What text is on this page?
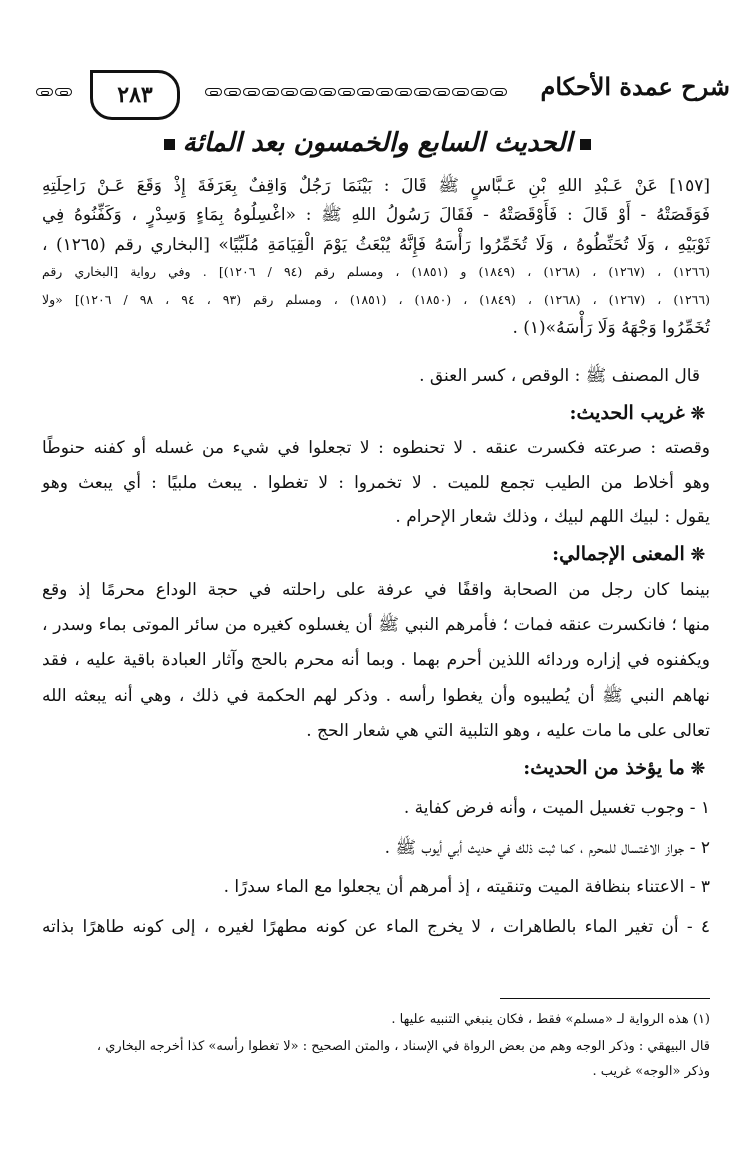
٢٨٣	شرح عمدة الأحكام
الحديث السابع والخمسون بعد المائة
[١٥٧] عَنْ عَـبْدِ اللهِ بْنِ عَـبَّاسٍ ﷺ قَالَ : بَيْنَمَا رَجُلٌ وَاقِفٌ بِعَرَفَةَ إِذْ وَقَعَ عَـنْ رَاحِلَتِهِ
فَوَقَصَتْهُ - أَوْ قَالَ : فَأَوْقَصَتْهُ - فَقَالَ رَسُولُ اللهِ ﷺ : «اغْسِلُوهُ بِمَاءٍ وَسِدْرٍ ، وَكَفِّنُوهُ فِي
ثَوْبَيْهِ ، وَلَا تُحَنِّطُوهُ ، وَلَا تُخَمِّرُوا رَأْسَهُ فَإِنَّهُ يُبْعَثُ يَوْمَ الْقِيَامَةِ مُلَبِّيًا» [البخاري رقم (١٢٦٥) ،
(١٢٦٦) ، (١٢٦٧) ، (١٢٦٨) ، (١٨٤٩) و (١٨٥١) ، ومسلم رقم (٩٤ / ١٢٠٦)] . وفي رواية [البخاري رقم
(١٢٦٦) ، (١٢٦٧) ، (١٢٦٨) ، (١٨٤٩) ، (١٨٥٠) ، (١٨٥١) ، ومسلم رقم (٩٣ ، ٩٤ ، ٩٨ / ١٢٠٦)] «ولا
تُخَمِّرُوا وَجْهَهُ وَلَا رَأْسَهُ»(١) .
قال المصنف ﷺ : الوقص ، كسر العنق .
❊غريب الحديث:
وقصته : صرعته فكسرت عنقه . لا تحنطوه : لا تجعلوا في شيء من غسله أو كفنه حنوطًا
وهو أخلاط من الطيب تجمع للميت . لا تخمروا : لا تغطوا . يبعث ملبيًا : أي يبعث وهو
يقول : لبيك اللهم لبيك ، وذلك شعار الإحرام .
❊المعنى الإجمالي:
بينما كان رجل من الصحابة واقفًا في عرفة على راحلته في حجة الوداع محرمًا إذ وقع
منها ؛ فانكسرت عنقه فمات ؛ فأمرهم النبي ﷺ أن يغسلوه كغيره من سائر الموتى بماء وسدر ،
ويكفنوه في إزاره وردائه اللذين أحرم بهما . وبما أنه محرم بالحج وآثار العبادة باقية عليه ، فقد
نهاهم النبي ﷺ أن يُطيبوه وأن يغطوا رأسه . وذكر لهم الحكمة في ذلك ، وهي أنه يبعثه الله
تعالى على ما مات عليه ، وهو التلبية التي هي شعار الحج .
❊ما يؤخذ من الحديث:
١ - وجوب تغسيل الميت ، وأنه فرض كفاية .
٢ - جواز الاغتسال للمحرم ، كما ثبت ذلك في حديث أبي أيوب ﷺ .
٣ - الاعتناء بنظافة الميت وتنقيته ، إذ أمرهم أن يجعلوا مع الماء سدرًا .
٤ - أن تغير الماء بالطاهرات ، لا يخرج الماء عن كونه مطهرًا لغيره ، إلى كونه طاهرًا بذاته
(١) هذه الرواية لـ «مسلم» فقط ، فكان ينبغي التنبيه عليها .
قال البيهقي : وذكر الوجه وهم من بعض الرواة في الإسناد ، والمتن الصحيح : «لا تغطوا رأسه» كذا أخرجه البخاري ،
وذكر «الوجه» غريب .
